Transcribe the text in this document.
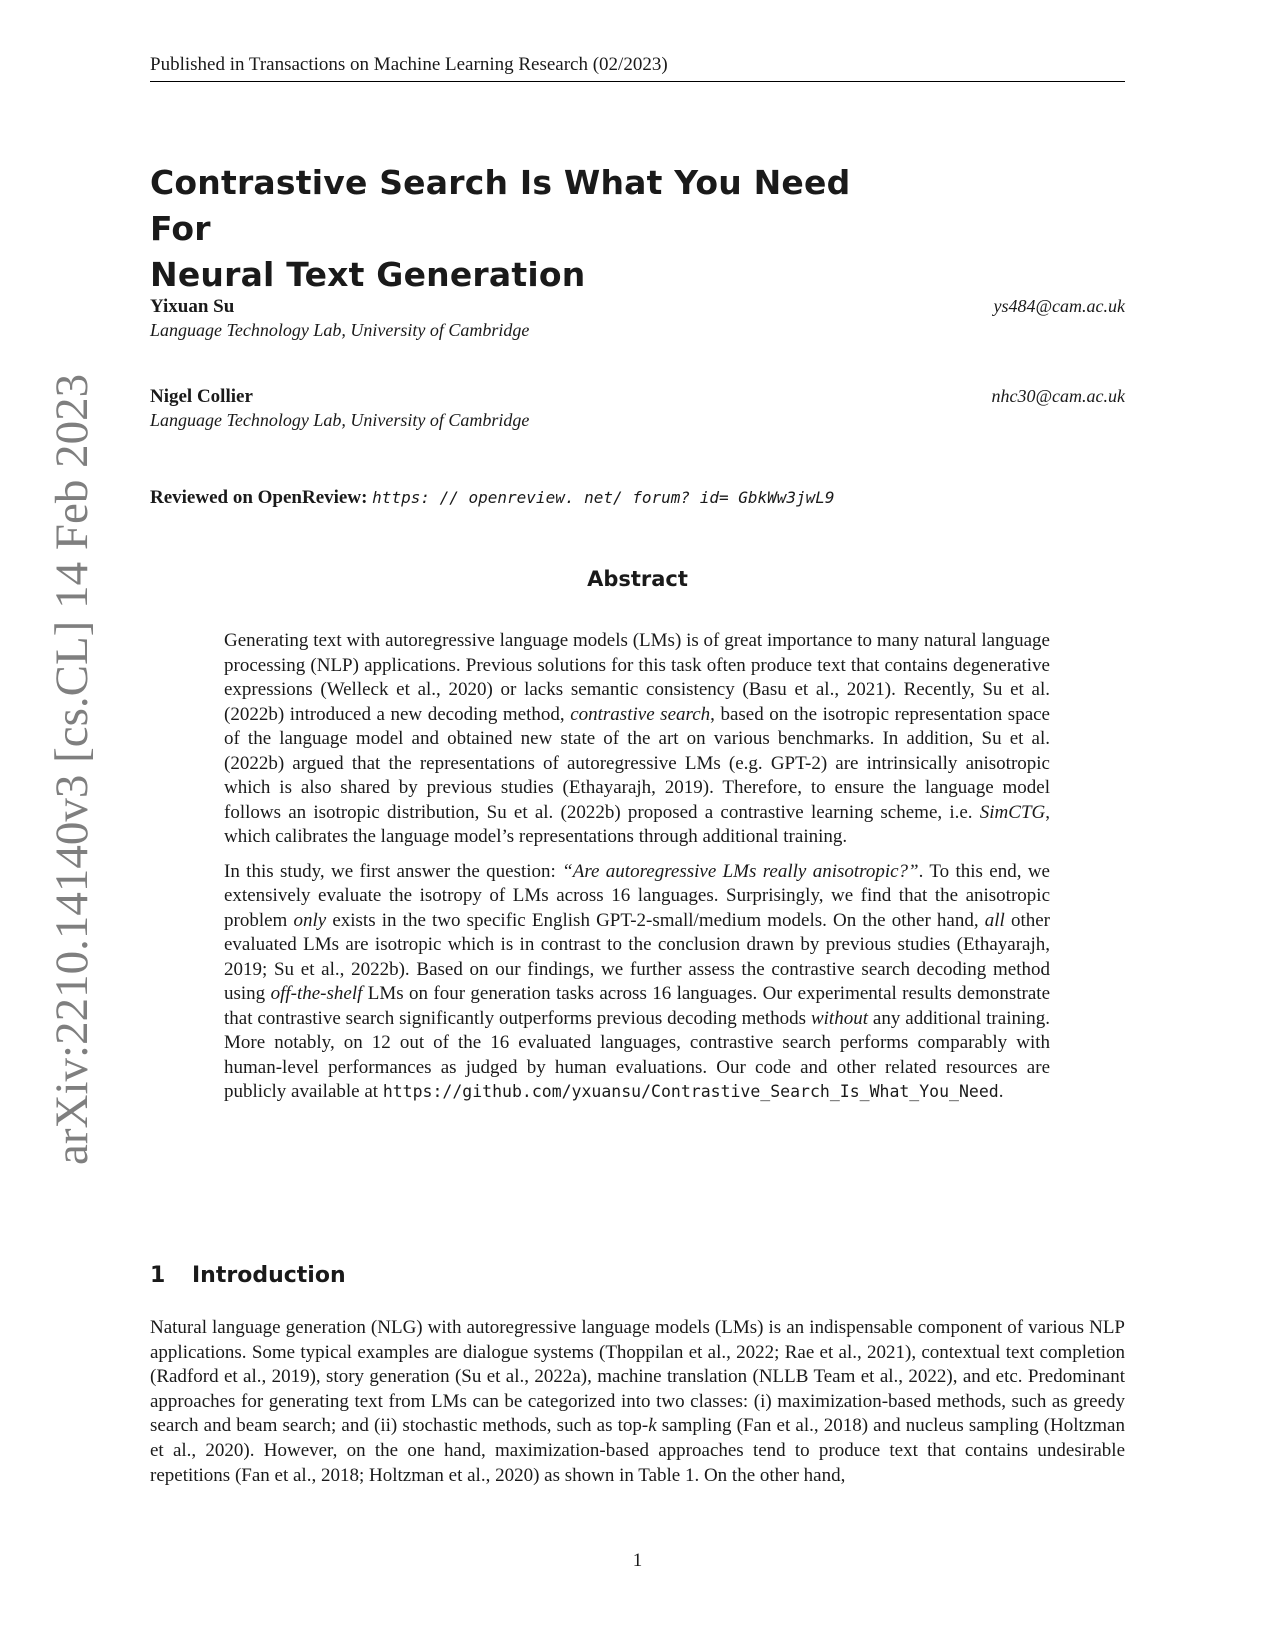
Published in Transactions on Machine Learning Research (02/2023)
arXiv:2210.14140v3 [cs.CL] 14 Feb 2023
Contrastive Search Is What You Need For
Neural Text Generation
Yixuan Su	ys484@cam.ac.uk
Language Technology Lab, University of Cambridge
Nigel Collier	nhc30@cam.ac.uk
Language Technology Lab, University of Cambridge
Reviewed on OpenReview: https: // openreview. net/ forum? id= GbkWw3jwL9
Abstract

Generating text with autoregressive language models (LMs) is of great importance to many natural language processing (NLP) applications. Previous solutions for this task often produce text that contains degenerative expressions (Welleck et al., 2020) or lacks semantic consistency (Basu et al., 2021). Recently, Su et al. (2022b) introduced a new decoding method, contrastive search, based on the isotropic representation space of the language model and obtained new state of the art on various benchmarks. In addition, Su et al. (2022b) argued that the representations of autoregressive LMs (e.g. GPT-2) are intrinsically anisotropic which is also shared by previous studies (Ethayarajh, 2019). Therefore, to ensure the language model follows an isotropic distribution, Su et al. (2022b) proposed a contrastive learning scheme, i.e. SimCTG, which calibrates the language model’s representations through additional training.

In this study, we first answer the question: “Are autoregressive LMs really anisotropic?”. To this end, we extensively evaluate the isotropy of LMs across 16 languages. Surprisingly, we find that the anisotropic problem only exists in the two specific English GPT-2-small/medium models. On the other hand, all other evaluated LMs are isotropic which is in contrast to the conclusion drawn by previous studies (Ethayarajh, 2019; Su et al., 2022b). Based on our findings, we further assess the contrastive search decoding method using off-the-shelf LMs on four generation tasks across 16 languages. Our experimental results demonstrate that contrastive search significantly outperforms previous decoding methods without any additional training. More notably, on 12 out of the 16 evaluated languages, contrastive search performs comparably with human-level performances as judged by human evaluations. Our code and other related resources are publicly available at https://github.com/yxuansu/Contrastive_Search_Is_What_You_Need.

1 Introduction

Natural language generation (NLG) with autoregressive language models (LMs) is an indispensable component of various NLP applications. Some typical examples are dialogue systems (Thoppilan et al., 2022; Rae et al., 2021), contextual text completion (Radford et al., 2019), story generation (Su et al., 2022a), machine translation (NLLB Team et al., 2022), and etc. Predominant approaches for generating text from LMs can be categorized into two classes: (i) maximization-based methods, such as greedy search and beam search; and (ii) stochastic methods, such as top-k sampling (Fan et al., 2018) and nucleus sampling (Holtzman et al., 2020). However, on the one hand, maximization-based approaches tend to produce text that contains undesirable repetitions (Fan et al., 2018; Holtzman et al., 2020) as shown in Table 1. On the other hand,

1
